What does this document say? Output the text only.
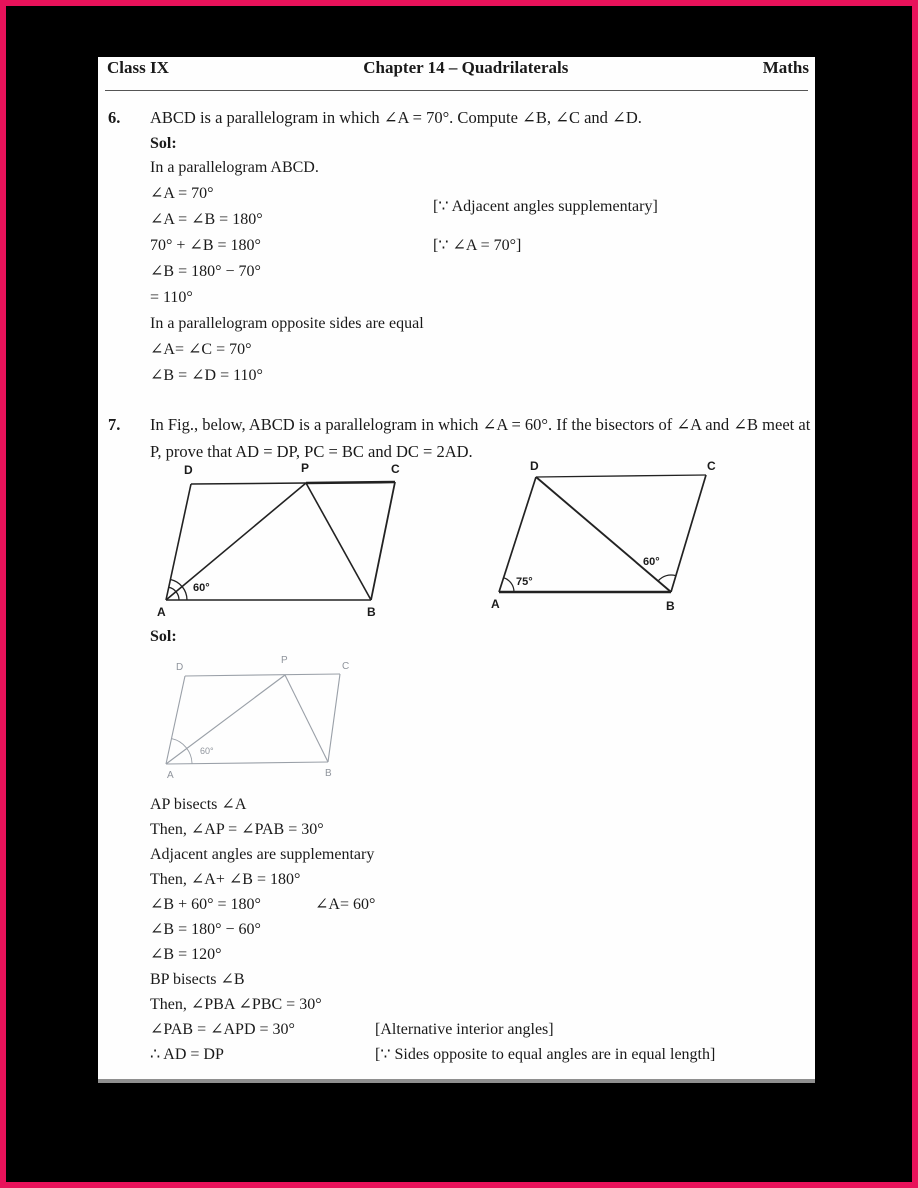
Class IX	Chapter 14 – Quadrilaterals	Maths
6.	ABCD is a parallelogram in which ∠A = 70°. Compute ∠B, ∠C and ∠D.
Sol:
In a parallelogram ABCD.
∠A = 70°
∠A = ∠B = 180°
[∵ Adjacent angles supplementary]
70° + ∠B = 180°	[∵ ∠A = 70°]
∠B = 180° − 70°
= 110°
In a parallelogram opposite sides are equal
∠A= ∠C = 70°
∠B = ∠D = 110°
7.	In Fig., below, ABCD is a parallelogram in which ∠A = 60°. If the bisectors of ∠A and ∠B meet at P, prove that AD = DP, PC = BC and DC = 2AD.
D	P	C
A	B
60°
D	C
A	B
75°
60°
Sol:
D
P
C
A	B
60°
AP bisects ∠A
Then, ∠AP = ∠PAB = 30°
Adjacent angles are supplementary
Then, ∠A+ ∠B = 180°
∠B + 60° = 180°	∠A= 60°
∠B = 180° − 60°
∠B = 120°
BP bisects ∠B
Then, ∠PBA ∠PBC = 30°
∠PAB = ∠APD = 30°	[Alternative interior angles]
∴ AD = DP	[∵ Sides opposite to equal angles are in equal length]
